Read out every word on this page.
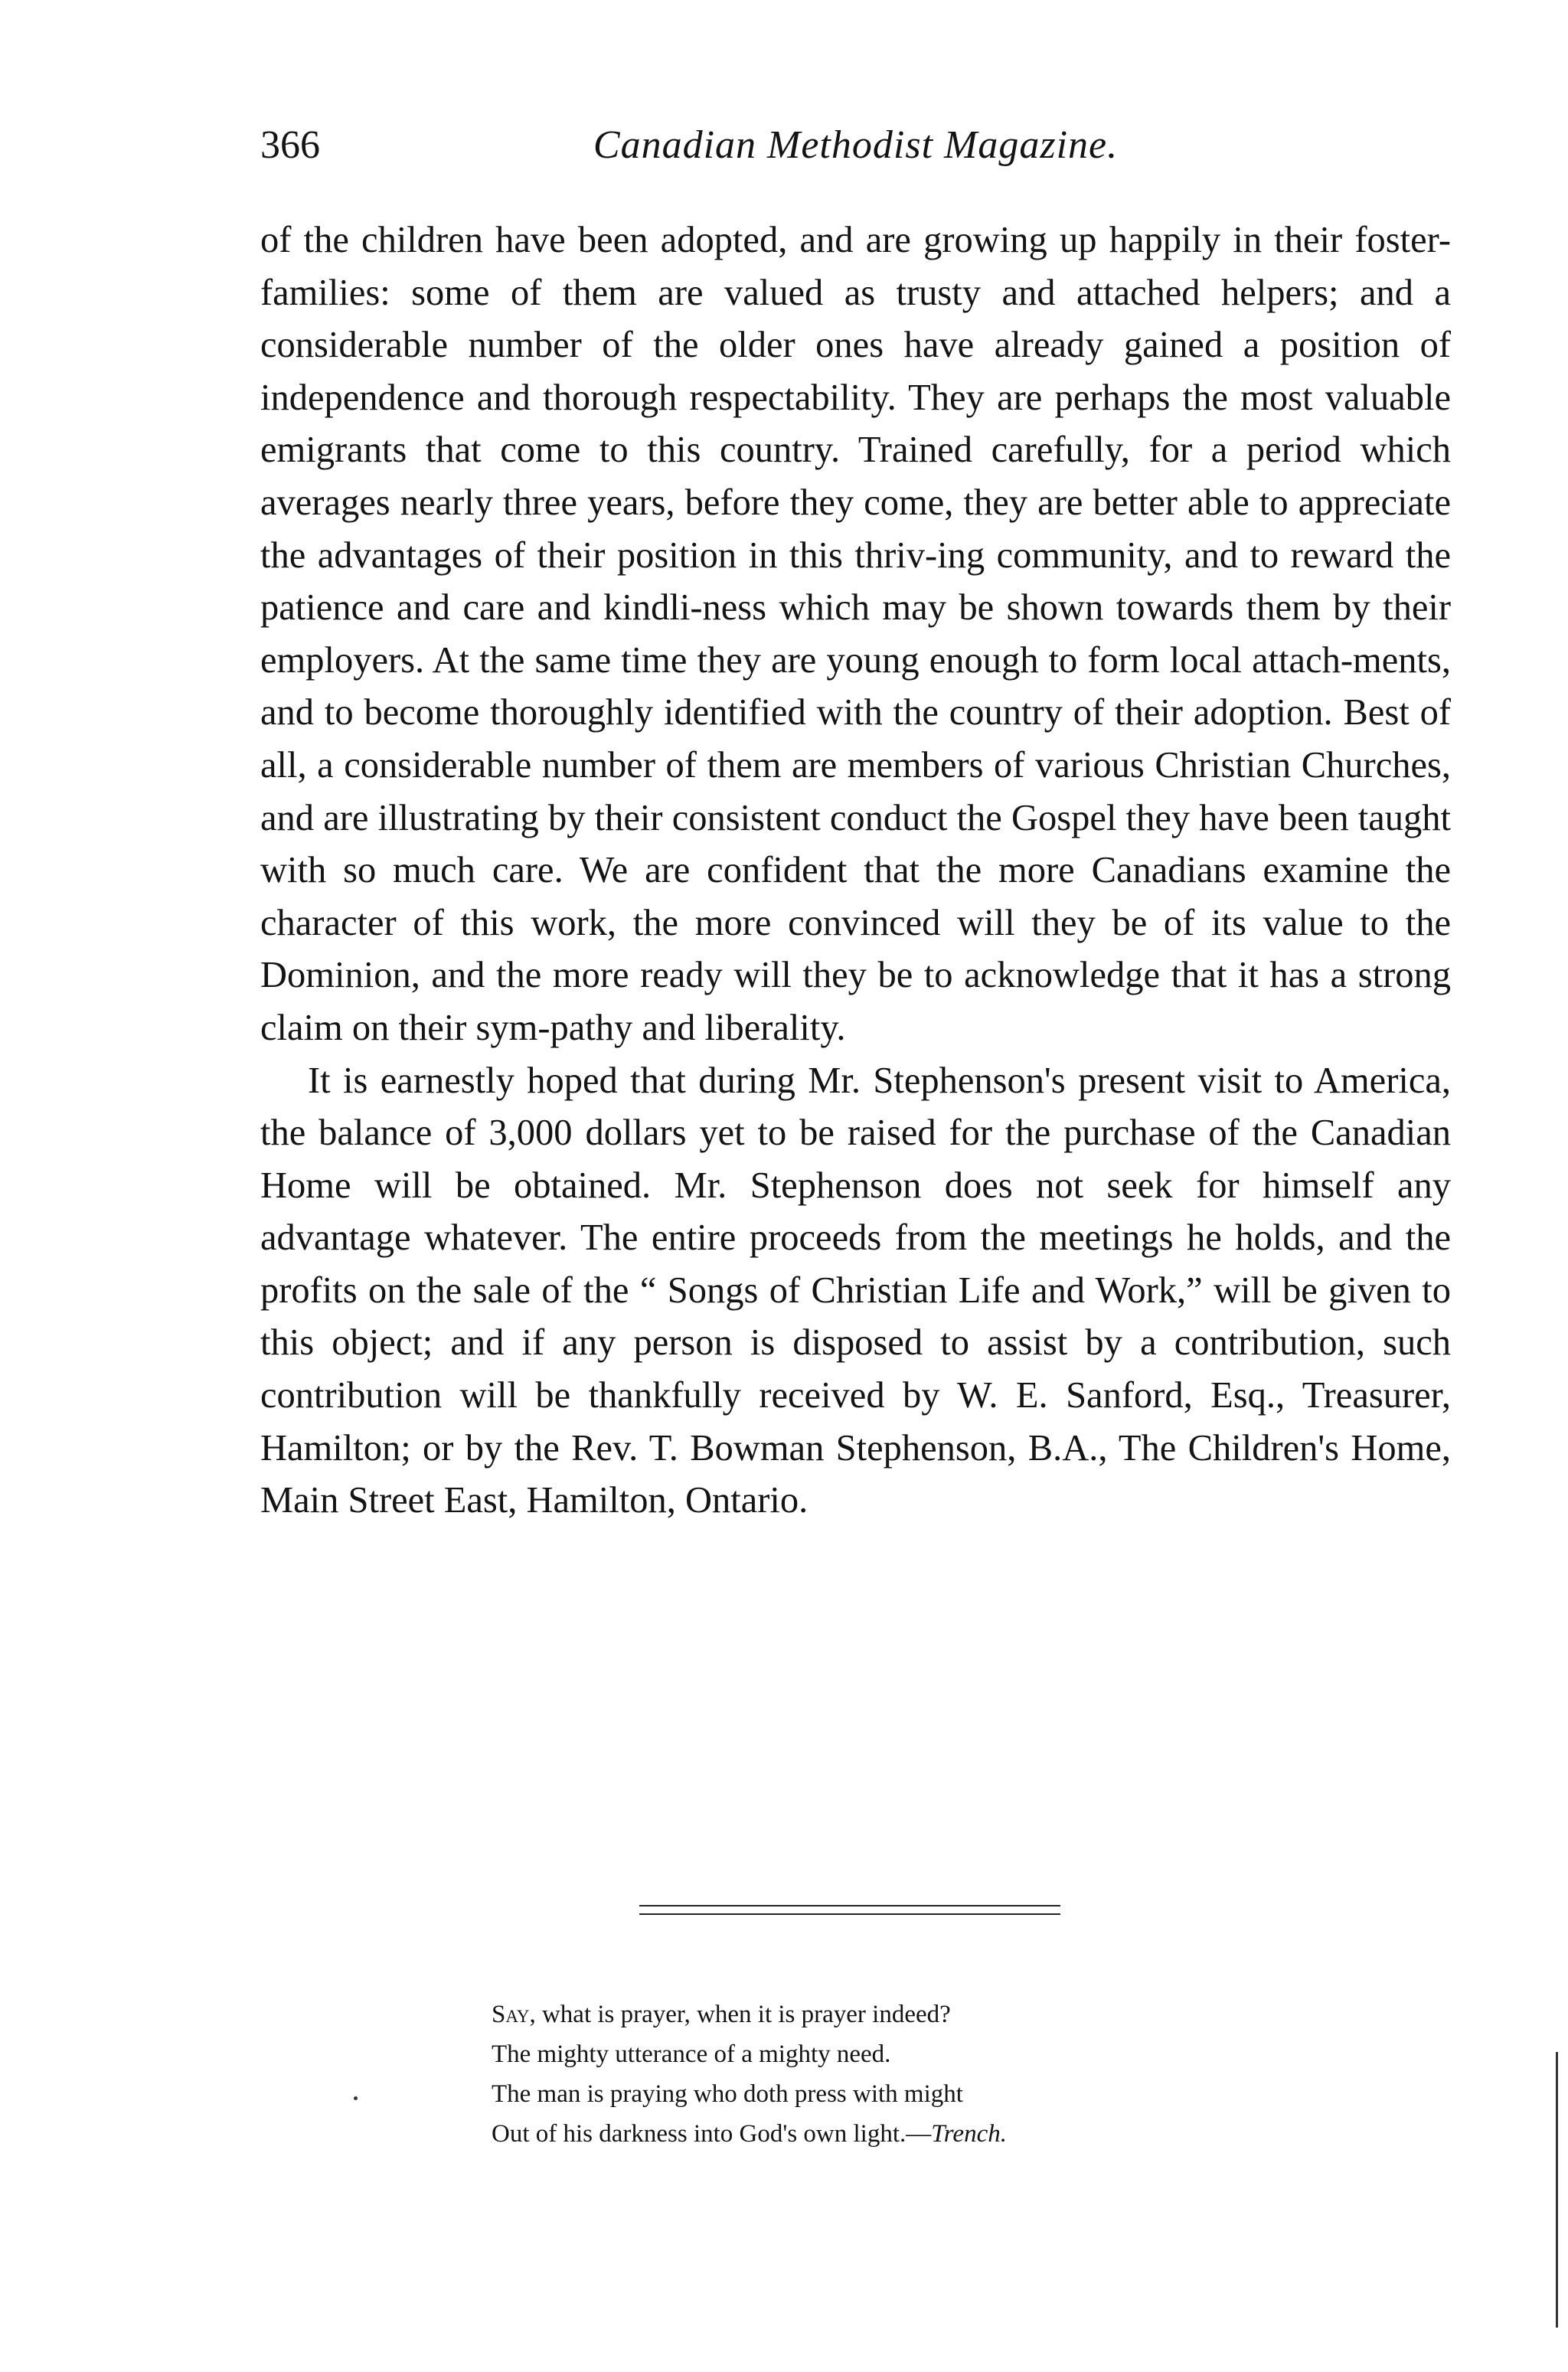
366	Canadian Methodist Magazine.

of the children have been adopted, and are growing up happily in their foster-families: some of them are valued as trusty and attached helpers; and a considerable number of the older ones have already gained a position of independence and thorough respectability. They are perhaps the most valuable emigrants that come to this country. Trained carefully, for a period which averages nearly three years, before they come, they are better able to appreciate the advantages of their position in this thriv-ing community, and to reward the patience and care and kindli-ness which may be shown towards them by their employers. At the same time they are young enough to form local attach-ments, and to become thoroughly identified with the country of their adoption. Best of all, a considerable number of them are members of various Christian Churches, and are illustrating by their consistent conduct the Gospel they have been taught with so much care. We are confident that the more Canadians examine the character of this work, the more convinced will they be of its value to the Dominion, and the more ready will they be to acknowledge that it has a strong claim on their sym-pathy and liberality.

It is earnestly hoped that during Mr. Stephenson's present visit to America, the balance of 3,000 dollars yet to be raised for the purchase of the Canadian Home will be obtained. Mr. Stephenson does not seek for himself any advantage whatever. The entire proceeds from the meetings he holds, and the profits on the sale of the “ Songs of Christian Life and Work,” will be given to this object; and if any person is disposed to assist by a contribution, such contribution will be thankfully received by W. E. Sanford, Esq., Treasurer, Hamilton; or by the Rev. T. Bowman Stephenson, B.A., The Children's Home, Main Street East, Hamilton, Ontario.

Say, what is prayer, when it is prayer indeed?
The mighty utterance of a mighty need.
The man is praying who doth press with might
Out of his darkness into God's own light.—Trench.
